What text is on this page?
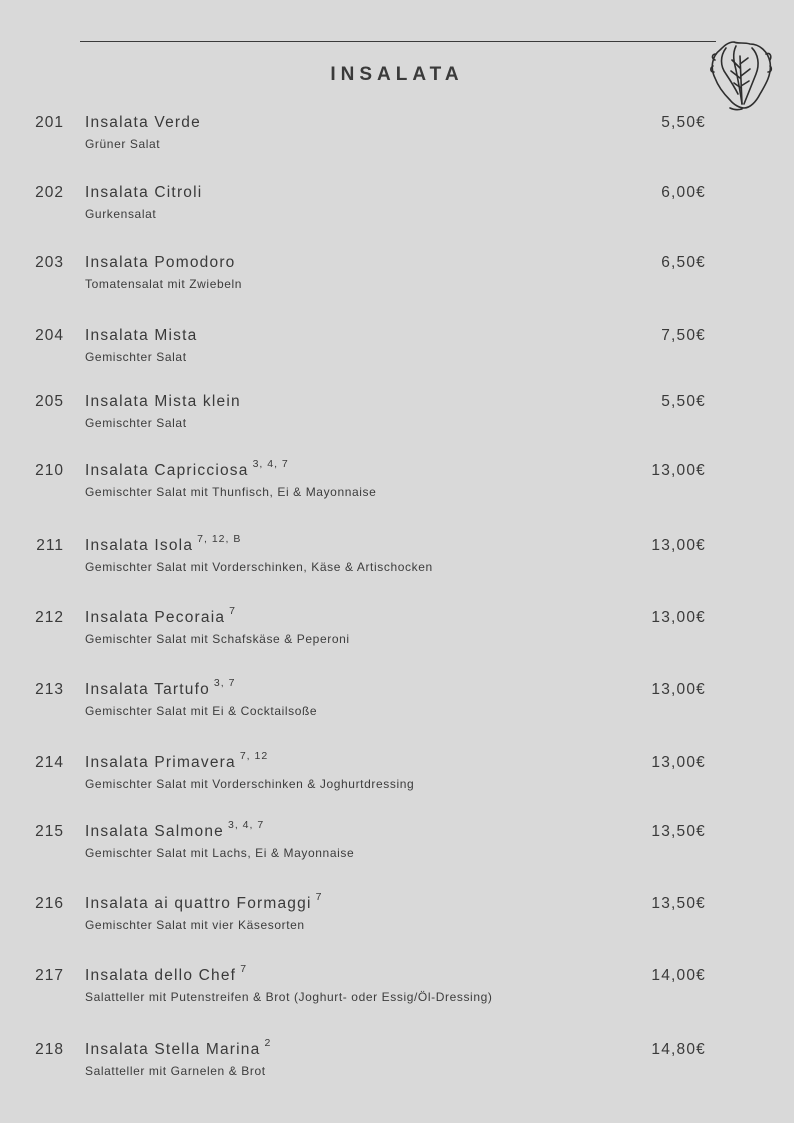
INSALATA
201 Insalata Verde
Grüner Salat
5,50€
202 Insalata Citroli
Gurkensalat
6,00€
203 Insalata Pomodoro
Tomatensalat mit Zwiebeln
6,50€
204 Insalata Mista
Gemischter Salat
7,50€
205 Insalata Mista klein
Gemischter Salat
5,50€
210 Insalata Capricciosa $^{3, 4, 7}$
Gemischter Salat mit Thunfisch, Ei & Mayonnaise
13,00€
211 Insalata Isola $^{7, 12, B}$
Gemischter Salat mit Vorderschinken, Käse & Artischocken
13,00€
212 Insalata Pecoraia $^7$
Gemischter Salat mit Schafskäse & Peperoni
13,00€
213 Insalata Tartufo $^{3, 7}$
Gemischter Salat mit Ei & Cocktailsoße
13,00€
214 Insalata Primavera $^{7, 12}$
Gemischter Salat mit Vorderschinken & Joghurtdressing
13,00€
215 Insalata Salmone $^{3, 4, 7}$
Gemischter Salat mit Lachs, Ei & Mayonnaise
13,50€
216 Insalata ai quattro Formaggi $^7$
Gemischter Salat mit vier Käsesorten
13,50€
217 Insalata dello Chef $^7$
Salatteller mit Putenstreifen & Brot (Joghurt- oder Essig/Öl-Dressing)
14,00€
218 Insalata Stella Marina $^2$
Salatteller mit Garnelen & Brot
14,80€
